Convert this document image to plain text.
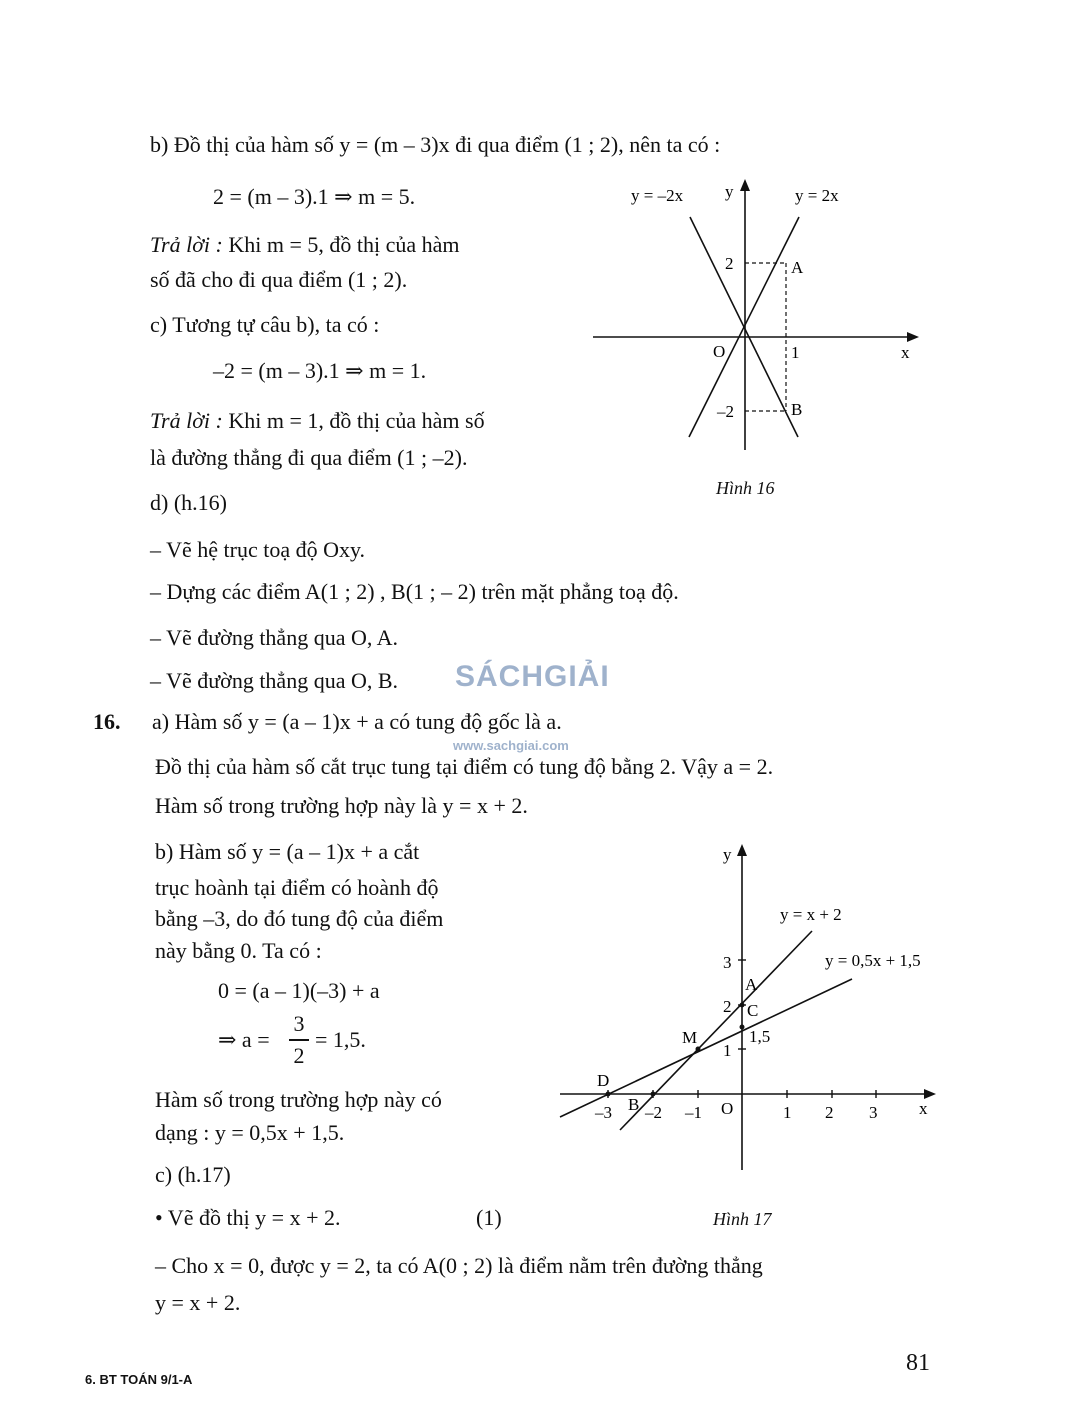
b) Đồ thị của hàm số y = (m – 3)x đi qua điểm (1 ; 2), nên ta có :
2 = (m – 3).1 ⇒ m = 5.
Trả lời : Khi m = 5, đồ thị của hàm
số đã cho đi qua điểm (1 ; 2).
c) Tương tự câu b), ta có :
–2 = (m – 3).1 ⇒ m = 1.
Trả lời : Khi m = 1, đồ thị của hàm số
là đường thẳng đi qua điểm (1 ; –2).
d) (h.16)
y = –2x	y = 2x
y
x
O	1
2
–2
A
B
Hình 16
– Vẽ hệ trục toạ độ Oxy.
– Dựng các điểm A(1 ; 2) , B(1 ; – 2) trên mặt phẳng toạ độ.
– Vẽ đường thẳng qua O, A.
– Vẽ đường thẳng qua O, B. SÁCHGIẢI
www.sachgiai.com
16. a) Hàm số y = (a – 1)x + a có tung độ gốc là a.
Đồ thị của hàm số cắt trục tung tại điểm có tung độ bằng 2. Vậy a = 2.
Hàm số trong trường hợp này là y = x + 2.
b) Hàm số y = (a – 1)x + a cắt
trục hoành tại điểm có hoành độ
bằng –3, do đó tung độ của điểm
này bằng 0. Ta có :
0 = (a – 1)(–3) + a
⇒ a =
3
2
= 1,5.
Hàm số trong trường hợp này có
dạng : y = 0,5x + 1,5.
c) (h.17)
• Vẽ đồ thị y = x + 2.	(1)
y
x
O
y = x + 2
y = 0,5x + 1,5
–3 –2 –1	1 2 3
1
2
3
1,5
A
C
M
B
D
Hình 17
– Cho x = 0, được y = 2, ta có A(0 ; 2) là điểm nằm trên đường thẳng
y = x + 2.
6. BT TOÁN 9/1-A
81
